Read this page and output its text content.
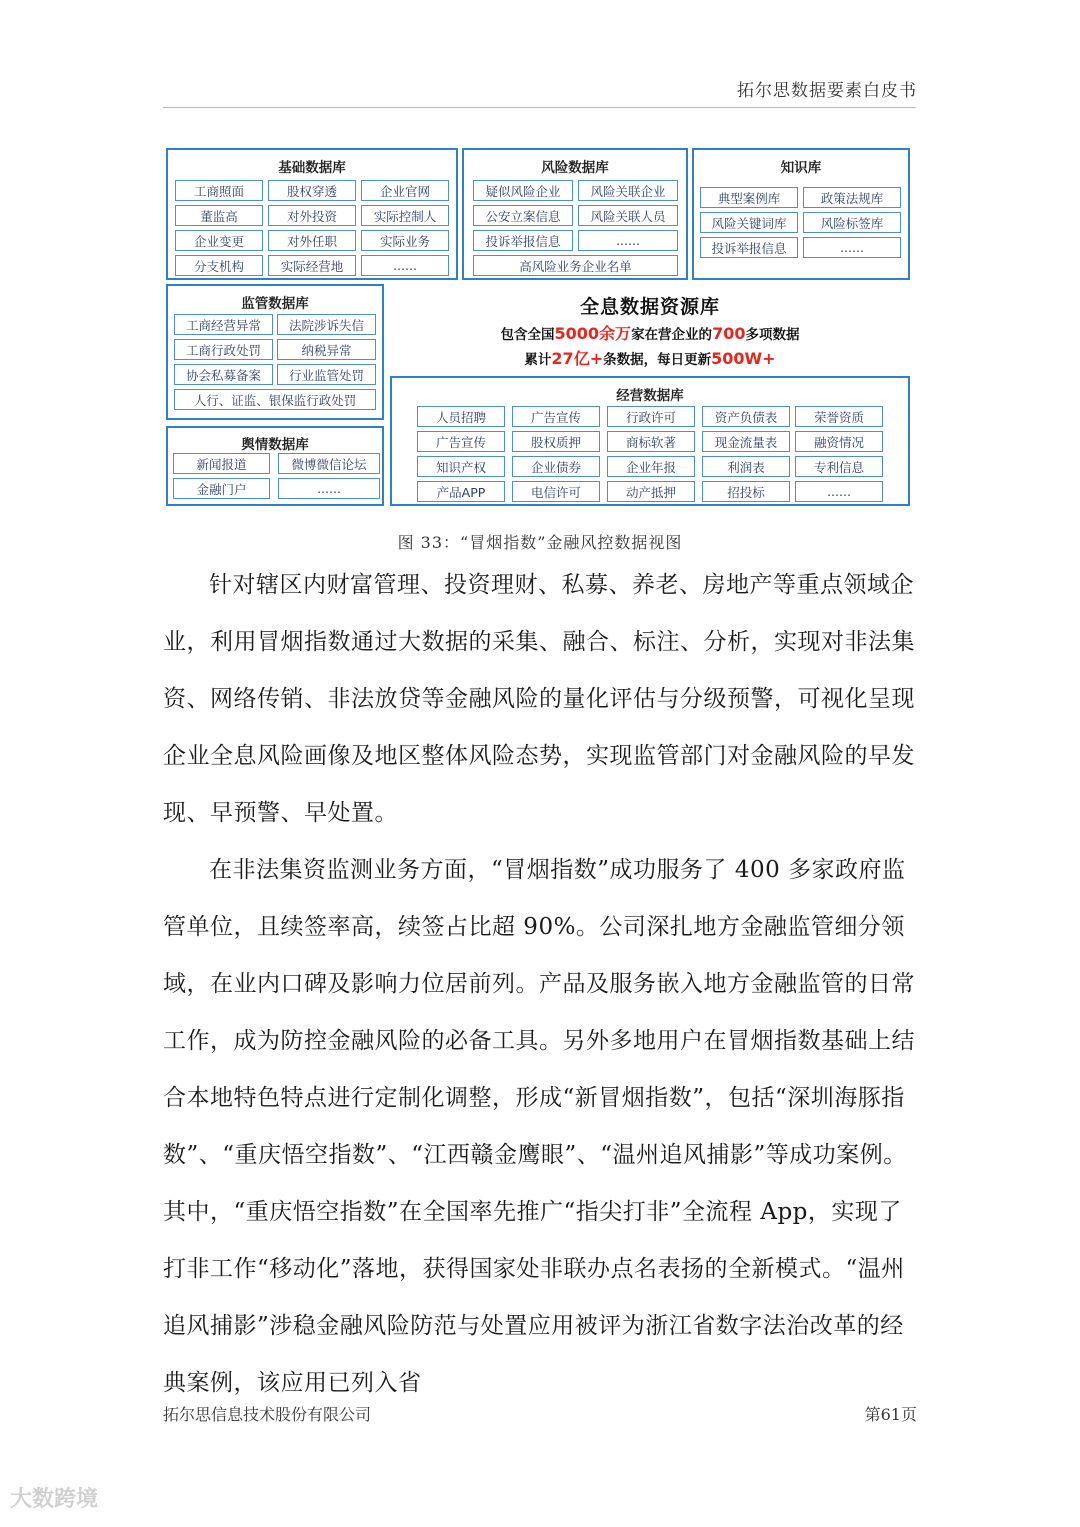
拓尔思数据要素白皮书
基础数据库	风险数据库	知识库
监管数据库
舆情数据库
经营数据库
全息数据资源库
包含全国5000余万家在营企业的700多项数据
累计27亿+条数据，每日更新500W+
工商照面	股权穿透	企业官网
董监高	对外投资	实际控制人
企业变更	对外任职	实际业务
分支机构	实际经营地	......
疑似风险企业	风险关联企业
公安立案信息	风险关联人员
投诉举报信息	......
高风险业务企业名单
典型案例库	政策法规库
风险关键词库	风险标签库
投诉举报信息	......
工商经营异常	法院涉诉失信
工商行政处罚	纳税异常
协会私募备案	行业监管处罚
人行、证监、银保监行政处罚
新闻报道	微博微信论坛
金融门户	......
人员招聘	广告宣传	行政许可	资产负债表	荣誉资质
广告宣传	股权质押	商标软著	现金流量表	融资情况
知识产权	企业债券	企业年报	利润表	专利信息
产品APP	电信许可	动产抵押	招投标	......
图 33：“冒烟指数”金融风控数据视图

针对辖区内财富管理、投资理财、私募、养老、房地产等重点领域企业，利用冒烟指数通过大数据的采集、融合、标注、分析，实现对非法集资、网络传销、非法放贷等金融风险的量化评估与分级预警，可视化呈现企业全息风险画像及地区整体风险态势，实现监管部门对金融风险的早发现、早预警、早处置。

在非法集资监测业务方面，“冒烟指数”成功服务了 400 多家政府监管单位，且续签率高，续签占比超 90%。公司深扎地方金融监管细分领域，在业内口碑及影响力位居前列。产品及服务嵌入地方金融监管的日常工作，成为防控金融风险的必备工具。另外多地用户在冒烟指数基础上结合本地特色特点进行定制化调整，形成“新冒烟指数”，包括“深圳海豚指数”、“重庆悟空指数”、“江西赣金鹰眼”、“温州追风捕影”等成功案例。其中，“重庆悟空指数”在全国率先推广“指尖打非”全流程 App，实现了打非工作“移动化”落地，获得国家处非联办点名表扬的全新模式。“温州追风捕影”涉稳金融风险防范与处置应用被评为浙江省数字法治改革的经典案例，该应用已列入省

拓尔思信息技术股份有限公司	第61页
大数跨境
